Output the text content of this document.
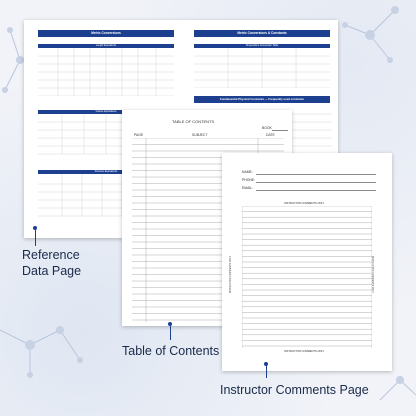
Metric Conversions	Metric Conversions & Constants
Length Equivalents
Volume Equivalents
Pressure Equivalents
Temperature Conversion Table
Fundamental Physical Constants — Frequently used constants
TABLE OF CONTENTS
BOOK
PAGE	SUBJECT	DATE
NAME:
PHONE:
EMAIL:
INSTRUCTOR COMMENTS ONLY
INSTRUCTOR COMMENTS ONLY
INSTRUCTOR COMMENTS ONLY	INSTRUCTOR COMMENTS ONLY
Reference
Data Page
Table of Contents
Instructor Comments Page
